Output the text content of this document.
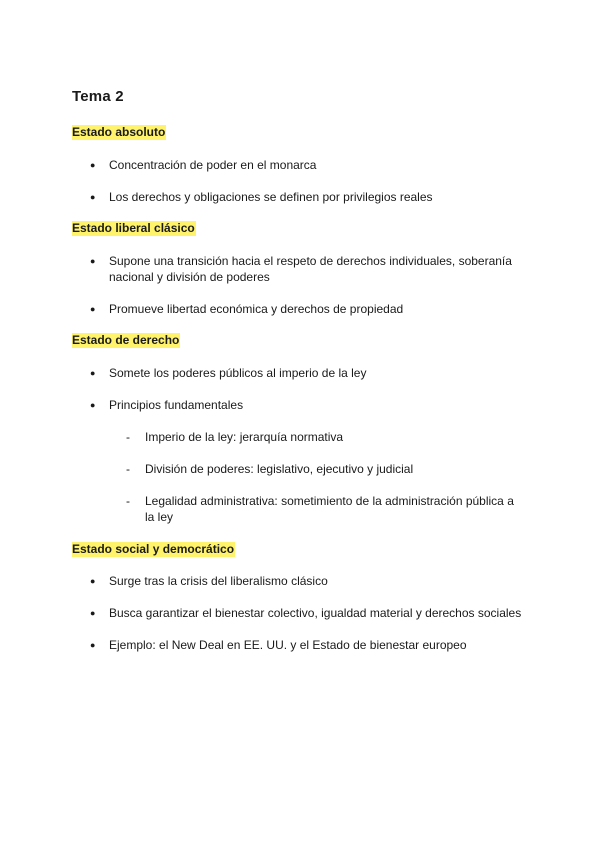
Tema 2
Estado absoluto
●	Concentración de poder en el monarca
●	Los derechos y obligaciones se definen por privilegios reales
Estado liberal clásico
●	Supone una transición hacia el respeto de derechos individuales, soberanía nacional y división de poderes
●	Promueve libertad económica y derechos de propiedad
Estado de derecho
●	Somete los poderes públicos al imperio de la ley
●	Principios fundamentales
-	Imperio de la ley: jerarquía normativa
-	División de poderes: legislativo, ejecutivo y judicial
-	Legalidad administrativa: sometimiento de la administración pública a la ley
Estado social y democrático
●	Surge tras la crisis del liberalismo clásico
●	Busca garantizar el bienestar colectivo, igualdad material y derechos sociales
●	Ejemplo: el New Deal en EE. UU. y el Estado de bienestar europeo
